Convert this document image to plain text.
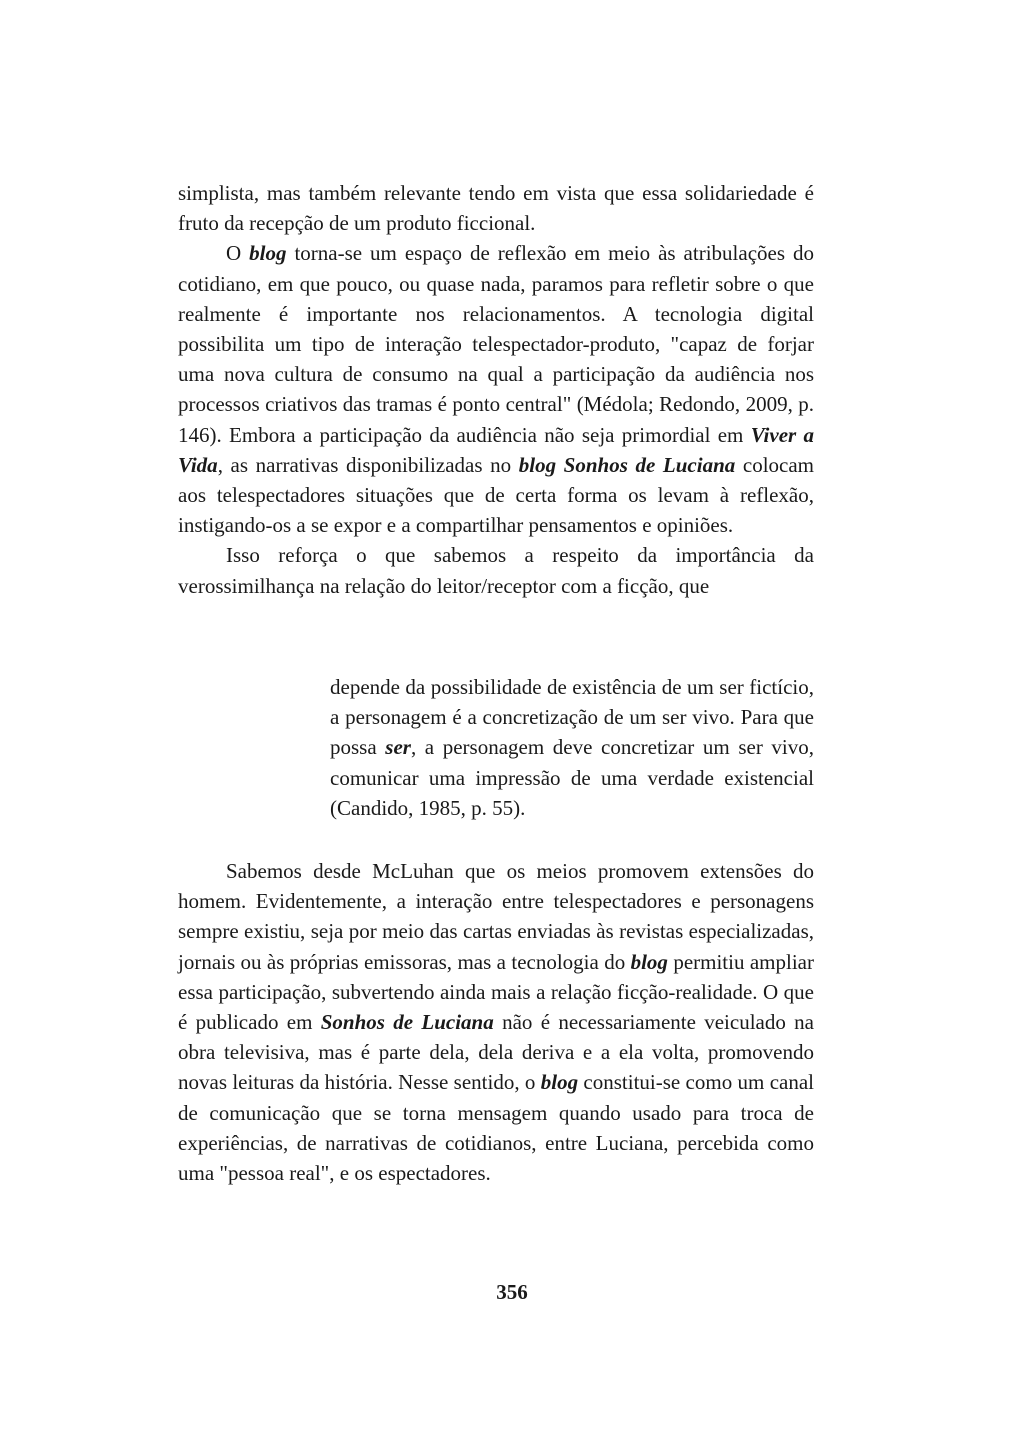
simplista, mas também relevante tendo em vista que essa solidariedade é fruto da recepção de um produto ficcional.

O blog torna-se um espaço de reflexão em meio às atribulações do cotidiano, em que pouco, ou quase nada, paramos para refletir sobre o que realmente é importante nos relacionamentos. A tecnologia digital possibilita um tipo de interação telespectador-produto, "capaz de forjar uma nova cultura de consumo na qual a participação da audiência nos processos criativos das tramas é ponto central" (Médola; Redondo, 2009, p. 146). Embora a participação da audiência não seja primordial em Viver a Vida, as narrativas disponibilizadas no blog Sonhos de Luciana colocam aos telespectadores situações que de certa forma os levam à reflexão, instigando-os a se expor e a compartilhar pensamentos e opiniões.

Isso reforça o que sabemos a respeito da importância da verossimilhança na relação do leitor/receptor com a ficção, que

depende da possibilidade de existência de um ser fictício, a personagem é a concretização de um ser vivo. Para que possa ser, a personagem deve concretizar um ser vivo, comunicar uma impressão de uma verdade existencial (Candido, 1985, p. 55).

Sabemos desde McLuhan que os meios promovem extensões do homem. Evidentemente, a interação entre telespectadores e personagens sempre existiu, seja por meio das cartas enviadas às revistas especializadas, jornais ou às próprias emissoras, mas a tecnologia do blog permitiu ampliar essa participação, subvertendo ainda mais a relação ficção-realidade. O que é publicado em Sonhos de Luciana não é necessariamente veiculado na obra televisiva, mas é parte dela, dela deriva e a ela volta, promovendo novas leituras da história. Nesse sentido, o blog constitui-se como um canal de comunicação que se torna mensagem quando usado para troca de experiências, de narrativas de cotidianos, entre Luciana, percebida como uma "pessoa real", e os espectadores.

356
